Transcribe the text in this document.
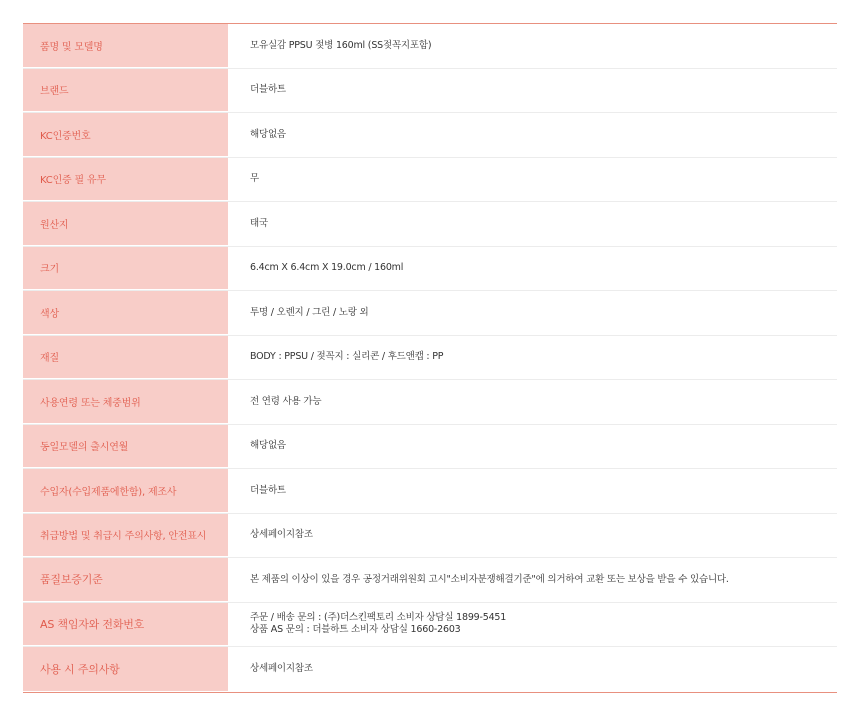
품명 및 모델명	모유실감 PPSU 젖병 160ml (SS젖꼭지포함)
브랜드	더블하트
KC인증번호	해당없음
KC인증 필 유무	무
원산지	태국
크기	6.4cm X 6.4cm X 19.0cm / 160ml
색상	투명 / 오렌지 / 그린 / 노랑 외
재질	BODY : PPSU / 젖꼭지 : 실리콘 / 후드앤캡 : PP
사용연령 또는 체중범위	전 연령 사용 가능
동일모델의 출시연월	해당없음
수입자(수입제품에한함), 제조사	더블하트
취급방법 및 취급시 주의사항, 안전표시	상세페이지참조
품질보증기준	본 제품의 이상이 있을 경우 공정거래위원회 고시"소비자분쟁해결기준"에 의거하여 교환 또는 보상을 받을 수 있습니다.
AS 책임자와 전화번호	주문 / 배송 문의 : (주)더스킨팩토리 소비자 상담실 1899-5451
상품 AS 문의 : 더블하트 소비자 상담실 1660-2603
사용 시 주의사항	상세페이지참조
